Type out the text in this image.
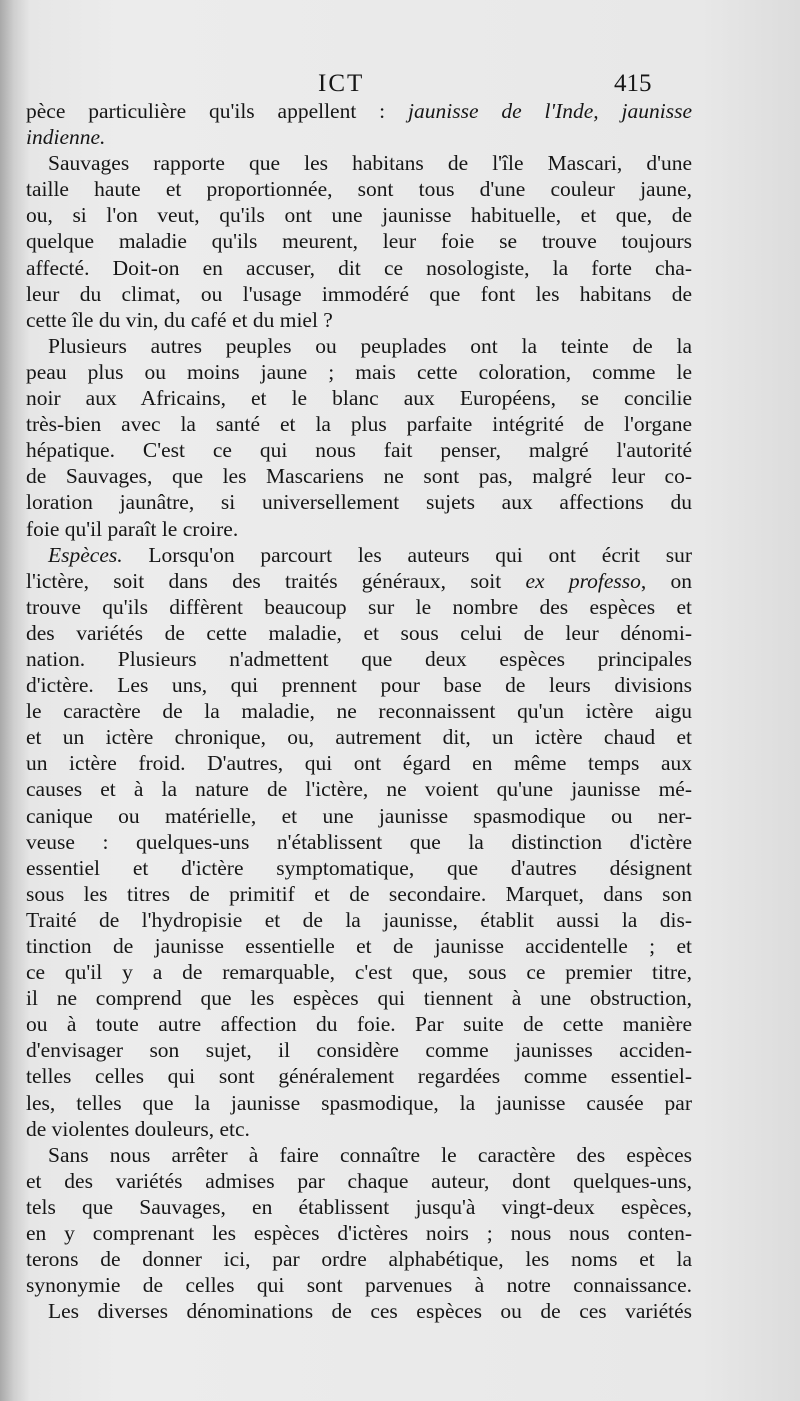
ICT	415
pèce particulière qu'ils appellent : jaunisse de l'Inde, jaunisse
indienne.
Sauvages rapporte que les habitans de l'île Mascari, d'une
taille haute et proportionnée, sont tous d'une couleur jaune,
ou, si l'on veut, qu'ils ont une jaunisse habituelle, et que, de
quelque maladie qu'ils meurent, leur foie se trouve toujours
affecté. Doit-on en accuser, dit ce nosologiste, la forte cha-
leur du climat, ou l'usage immodéré que font les habitans de
cette île du vin, du café et du miel ?
Plusieurs autres peuples ou peuplades ont la teinte de la
peau plus ou moins jaune ; mais cette coloration, comme le
noir aux Africains, et le blanc aux Européens, se concilie
très-bien avec la santé et la plus parfaite intégrité de l'organe
hépatique. C'est ce qui nous fait penser, malgré l'autorité
de Sauvages, que les Mascariens ne sont pas, malgré leur co-
loration jaunâtre, si universellement sujets aux affections du
foie qu'il paraît le croire.
Espèces. Lorsqu'on parcourt les auteurs qui ont écrit sur
l'ictère, soit dans des traités généraux, soit ex professo, on
trouve qu'ils diffèrent beaucoup sur le nombre des espèces et
des variétés de cette maladie, et sous celui de leur dénomi-
nation. Plusieurs n'admettent que deux espèces principales
d'ictère. Les uns, qui prennent pour base de leurs divisions
le caractère de la maladie, ne reconnaissent qu'un ictère aigu
et un ictère chronique, ou, autrement dit, un ictère chaud et
un ictère froid. D'autres, qui ont égard en même temps aux
causes et à la nature de l'ictère, ne voient qu'une jaunisse mé-
canique ou matérielle, et une jaunisse spasmodique ou ner-
veuse : quelques-uns n'établissent que la distinction d'ictère
essentiel et d'ictère symptomatique, que d'autres désignent
sous les titres de primitif et de secondaire. Marquet, dans son
Traité de l'hydropisie et de la jaunisse, établit aussi la dis-
tinction de jaunisse essentielle et de jaunisse accidentelle ; et
ce qu'il y a de remarquable, c'est que, sous ce premier titre,
il ne comprend que les espèces qui tiennent à une obstruction,
ou à toute autre affection du foie. Par suite de cette manière
d'envisager son sujet, il considère comme jaunisses acciden-
telles celles qui sont généralement regardées comme essentiel-
les, telles que la jaunisse spasmodique, la jaunisse causée par
de violentes douleurs, etc.
Sans nous arrêter à faire connaître le caractère des espèces
et des variétés admises par chaque auteur, dont quelques-uns,
tels que Sauvages, en établissent jusqu'à vingt-deux espèces,
en y comprenant les espèces d'ictères noirs ; nous nous conten-
terons de donner ici, par ordre alphabétique, les noms et la
synonymie de celles qui sont parvenues à notre connaissance.
Les diverses dénominations de ces espèces ou de ces variétés
